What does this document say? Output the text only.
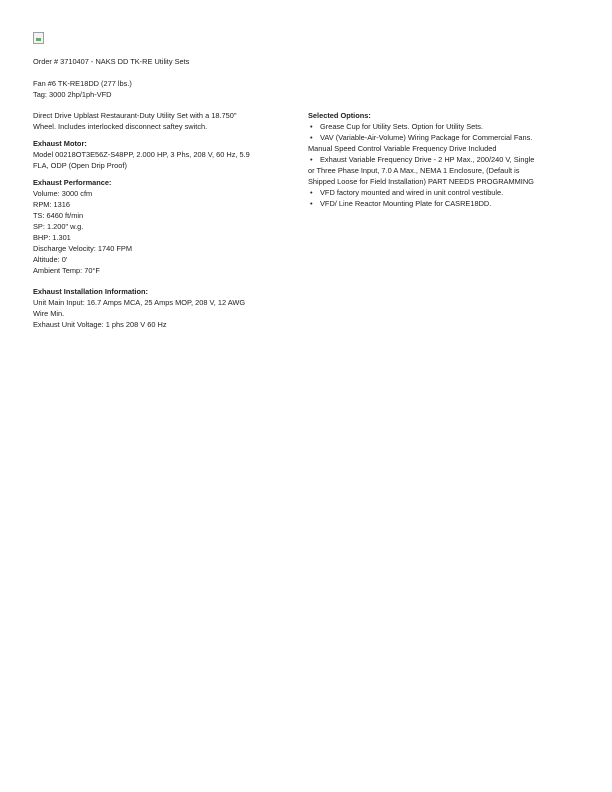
Order # 3710407 - NAKS DD TK-RE Utility Sets
Fan #6 TK-RE18DD (277 lbs.)
Tag: 3000 2hp/1ph-VFD

Direct Drive Upblast Restaurant-Duty Utility Set with a 18.750"

Wheel. Includes interlocked disconnect saftey switch.

Exhaust Motor:

Model 00218OT3E56Z-S48PP, 2.000 HP, 3 Phs, 208 V, 60 Hz, 5.9

FLA, ODP (Open Drip Proof)

Exhaust Performance:

Volume: 3000 cfm

RPM: 1316

TS: 6460 ft/min

SP: 1.200" w.g.

BHP: 1.301

Discharge Velocity: 1740 FPM

Altitude: 0'

Ambient Temp: 70°F

Exhaust Installation Information:

Unit Main Input: 16.7 Amps MCA, 25 Amps MOP, 208 V, 12 AWG

Wire Min.

Exhaust Unit Voltage: 1 phs 208 V 60 Hz

Selected Options:

• Grease Cup for Utility Sets. Option for Utility Sets.
• VAV (Variable-Air-Volume) Wiring Package for Commercial Fans.

Manual Speed Control Variable Frequency Drive Included

• Exhaust Variable Frequency Drive - 2 HP Max., 200/240 V, Single

or Three Phase Input, 7.0 A Max., NEMA 1 Enclosure, (Default is

Shipped Loose for Field Installation) PART NEEDS PROGRAMMING

• VFD factory mounted and wired in unit control vestibule.
• VFD/ Line Reactor Mounting Plate for CASRE18DD.
